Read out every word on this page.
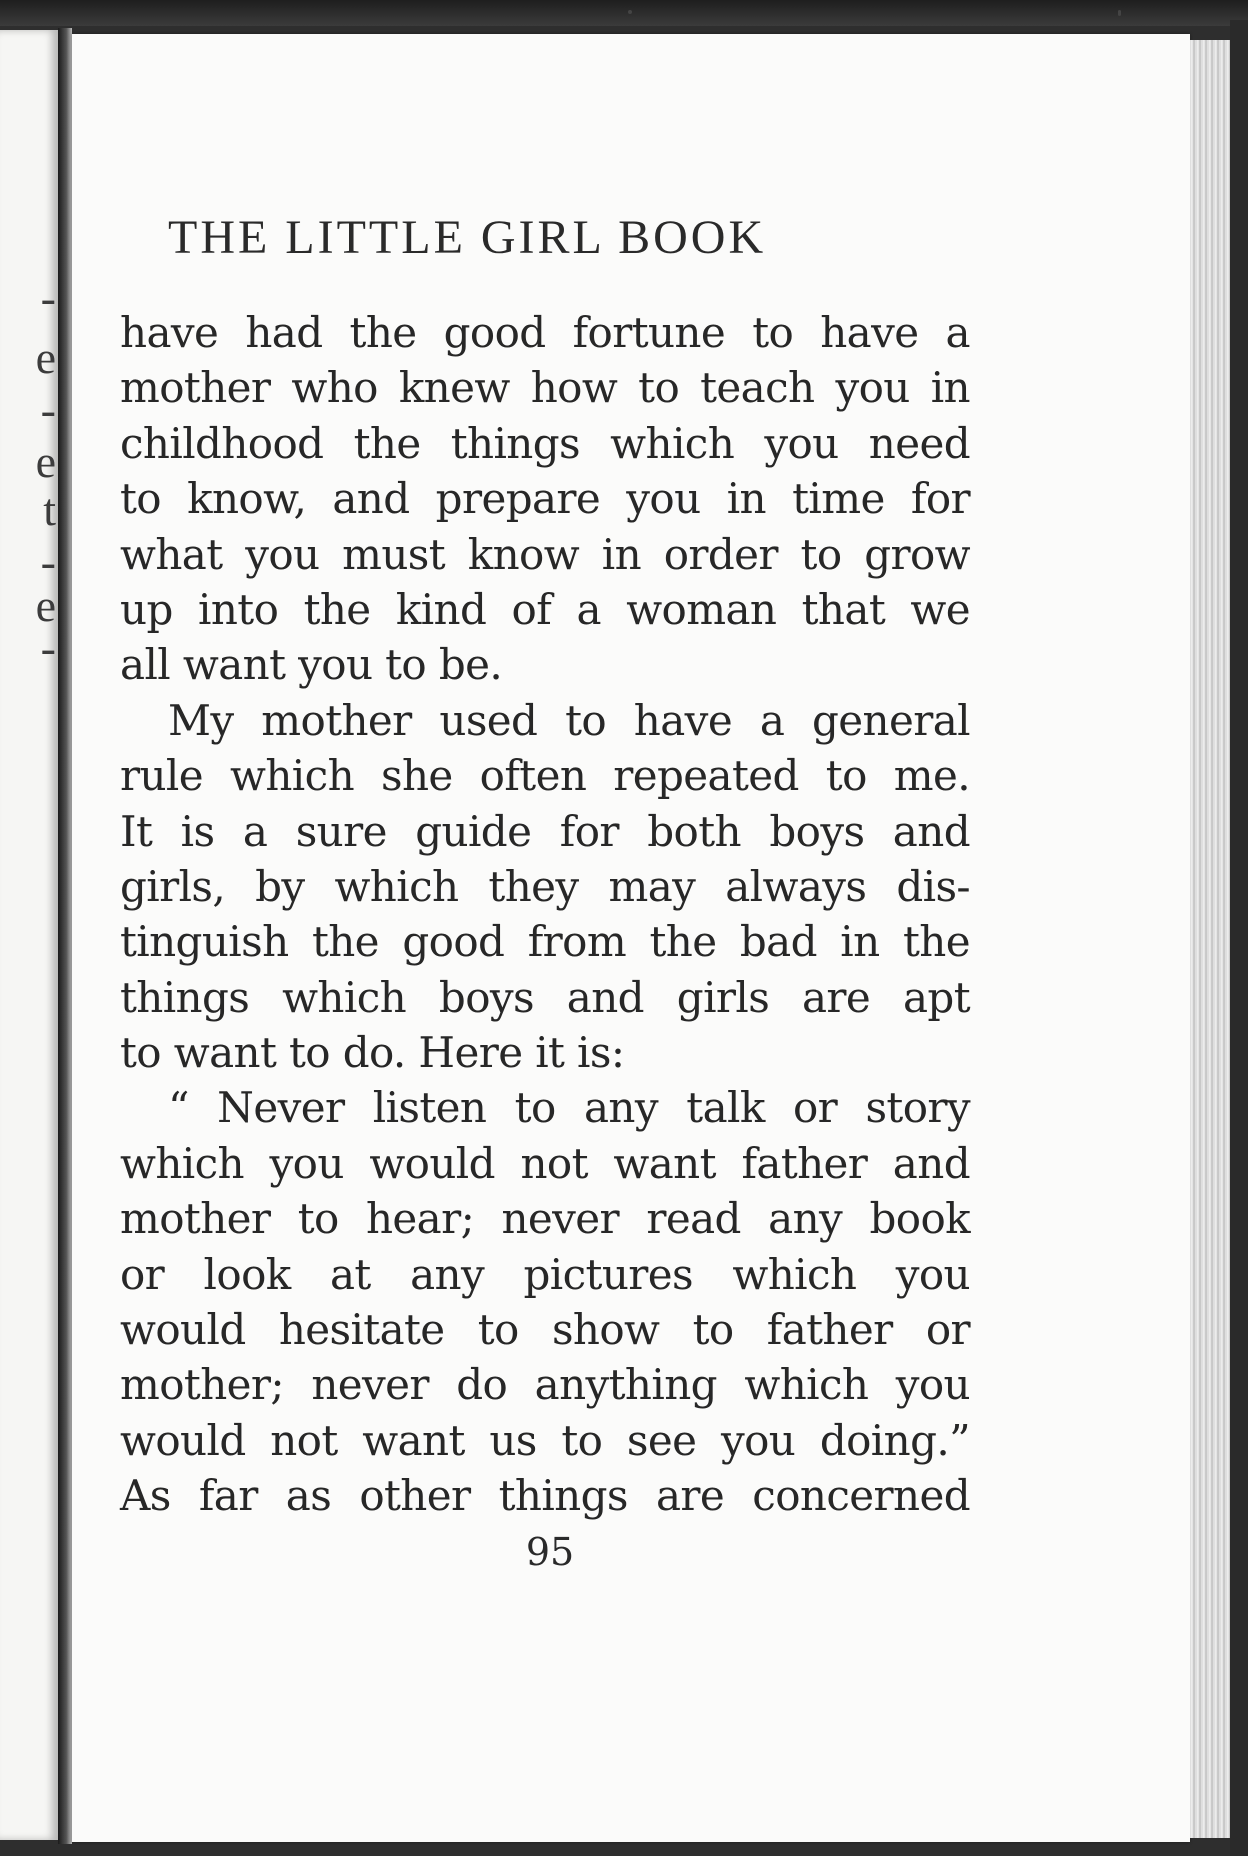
-
e
-
e
t
-
e
-
THE LITTLE GIRL BOOK
have had the good fortune to have a
mother who knew how to teach you in
childhood the things which you need
to know, and prepare you in time for
what you must know in order to grow
up into the kind of a woman that we
all want you to be.
My mother used to have a general
rule which she often repeated to me.
It is a sure guide for both boys and
girls, by which they may always dis-
tinguish the good from the bad in the
things which boys and girls are apt
to want to do. Here it is:
“ Never listen to any talk or story
which you would not want father and
mother to hear; never read any book
or look at any pictures which you
would hesitate to show to father or
mother; never do anything which you
would not want us to see you doing.”
As far as other things are concerned
95
